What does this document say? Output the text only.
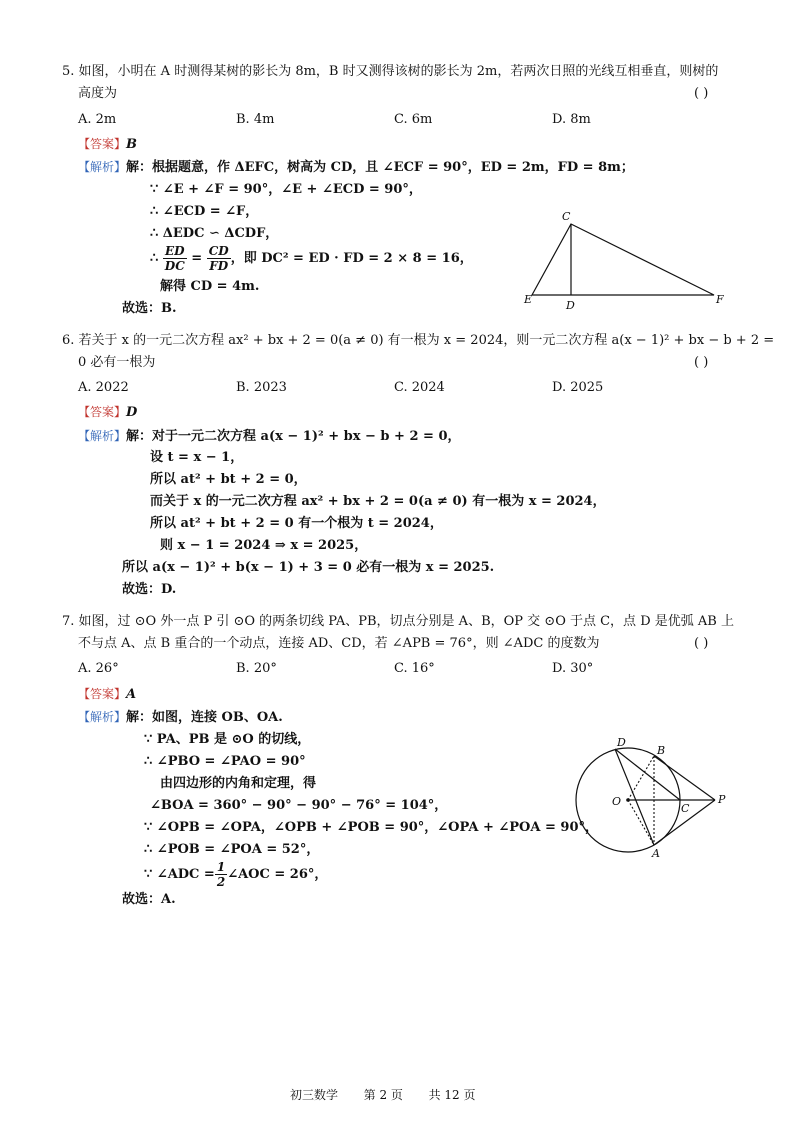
5. 如图，小明在 A 时测得某树的影长为 8m，B 时又测得该树的影长为 2m，若两次日照的光线互相垂直，则树的
高度为	( )
A. 2m	B. 4m	C. 6m	D. 8m
【答案】B
【解析】解：根据题意，作 ΔEFC，树高为 CD，且 ∠ECF = 90°，ED = 2m，FD = 8m；
∵ ∠E + ∠F = 90°，∠E + ∠ECD = 90°，
∴ ∠ECD = ∠F，
∴ ΔEDC ∽ ΔCDF，
∴ $\frac{ED}{DC} = \frac{CD}{FD}$ ，即 DC² = ED · FD = 2 × 8 = 16，
解得 CD = 4m.
故选：B.
C
E	D	F
6. 若关于 x 的一元二次方程 ax² + bx + 2 = 0(a ≠ 0) 有一根为 x = 2024，则一元二次方程 a(x − 1)² + bx − b + 2 =
0 必有一根为	( )
A. 2022	B. 2023	C. 2024	D. 2025
【答案】D
【解析】解：对于一元二次方程 a(x − 1)² + bx − b + 2 = 0，
设 t = x − 1，
所以 at² + bt + 2 = 0，
而关于 x 的一元二次方程 ax² + bx + 2 = 0(a ≠ 0) 有一根为 x = 2024，
所以 at² + bt + 2 = 0 有一个根为 t = 2024，
则 x − 1 = 2024 ⇒ x = 2025，
所以 a(x − 1)² + b(x − 1) + 3 = 0 必有一根为 x = 2025.
故选：D.
7. 如图，过 ⊙O 外一点 P 引 ⊙O 的两条切线 PA、PB，切点分别是 A、B，OP 交 ⊙O 于点 C，点 D 是优弧 AB 上
不与点 A、点 B 重合的一个动点，连接 AD、CD，若 ∠APB = 76°，则 ∠ADC 的度数为	( )
A. 26°	B. 20°	C. 16°	D. 30°
【答案】A
【解析】解：如图，连接 OB、OA.
∵ PA、PB 是 ⊙O 的切线，
∴ ∠PBO = ∠PAO = 90°
由四边形的内角和定理，得
∠BOA = 360° − 90° − 90° − 76° = 104°，
∵ ∠OPB = ∠OPA，∠OPB + ∠POB = 90°，∠OPA + ∠POA = 90°，
∴ ∠POB = ∠POA = 52°，
∵ ∠ADC = $\frac{1}{2}$ ∠AOC = 26°，
故选：A.
D
B
O
C
P
A
初三数学 第 2 页 共 12 页
